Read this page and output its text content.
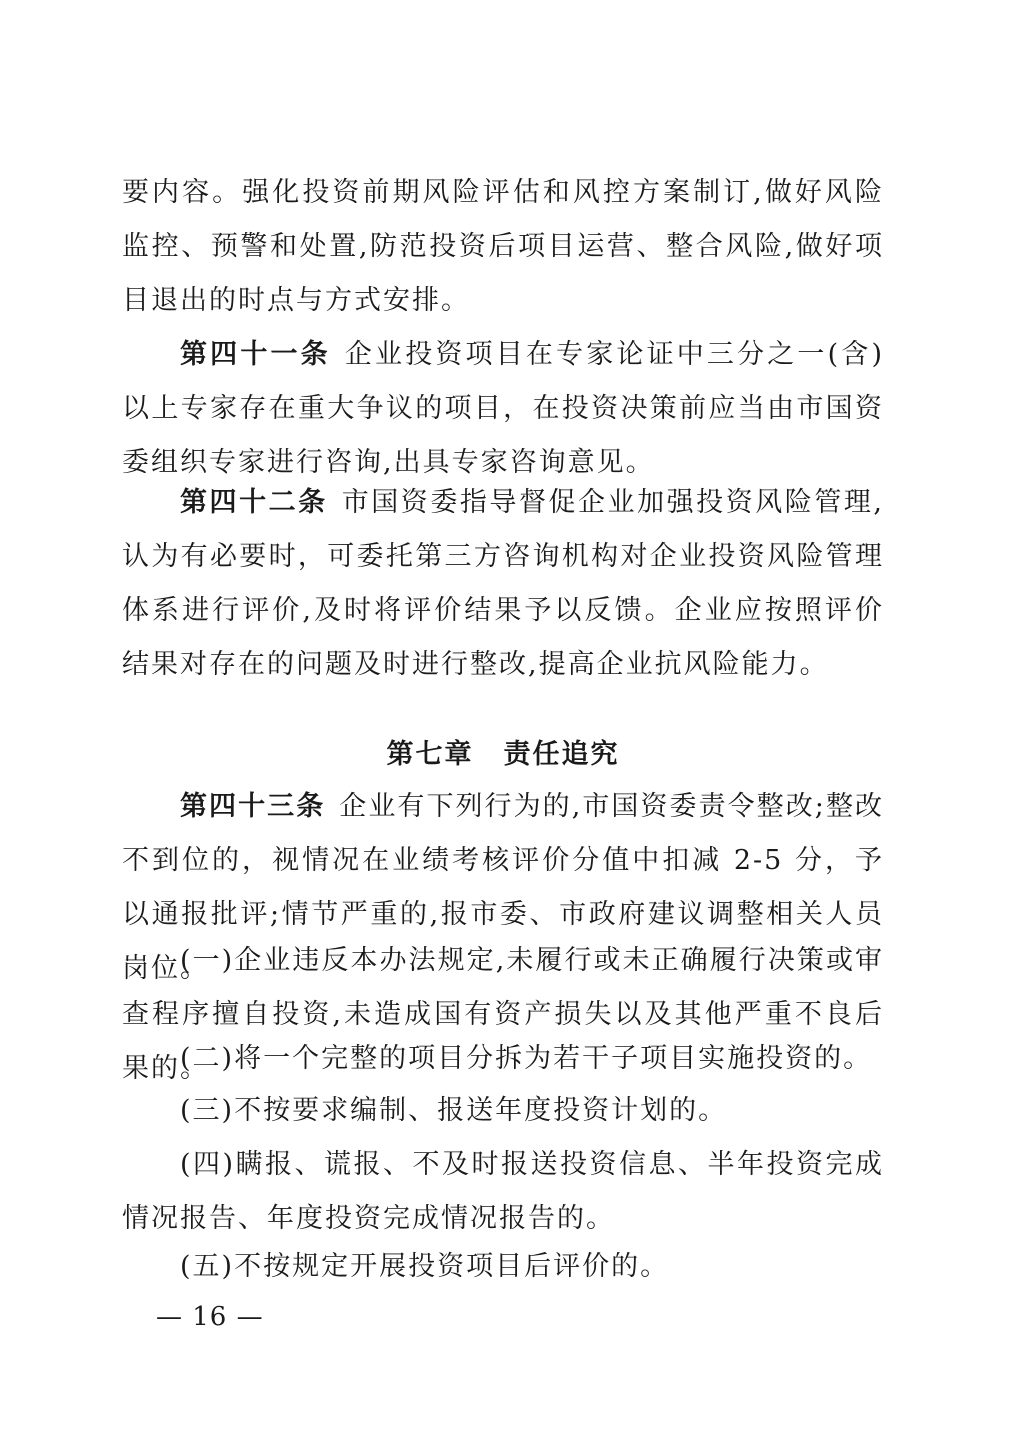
要内容。强化投资前期风险评估和风控方案制订,做好风险监控、预警和处置,防范投资后项目运营、整合风险,做好项目退出的时点与方式安排。

第四十一条 企业投资项目在专家论证中三分之一(含)以上专家存在重大争议的项目，在投资决策前应当由市国资委组织专家进行咨询,出具专家咨询意见。

第四十二条 市国资委指导督促企业加强投资风险管理,认为有必要时，可委托第三方咨询机构对企业投资风险管理体系进行评价,及时将评价结果予以反馈。企业应按照评价结果对存在的问题及时进行整改,提高企业抗风险能力。

第七章 责任追究

第四十三条 企业有下列行为的,市国资委责令整改;整改不到位的，视情况在业绩考核评价分值中扣减 2-5 分，予以通报批评;情节严重的,报市委、市政府建议调整相关人员岗位。

(一)企业违反本办法规定,未履行或未正确履行决策或审查程序擅自投资,未造成国有资产损失以及其他严重不良后果的。

(二)将一个完整的项目分拆为若干子项目实施投资的。

(三)不按要求编制、报送年度投资计划的。

(四)瞒报、谎报、不及时报送投资信息、半年投资完成情况报告、年度投资完成情况报告的。

(五)不按规定开展投资项目后评价的。

— 16 —
